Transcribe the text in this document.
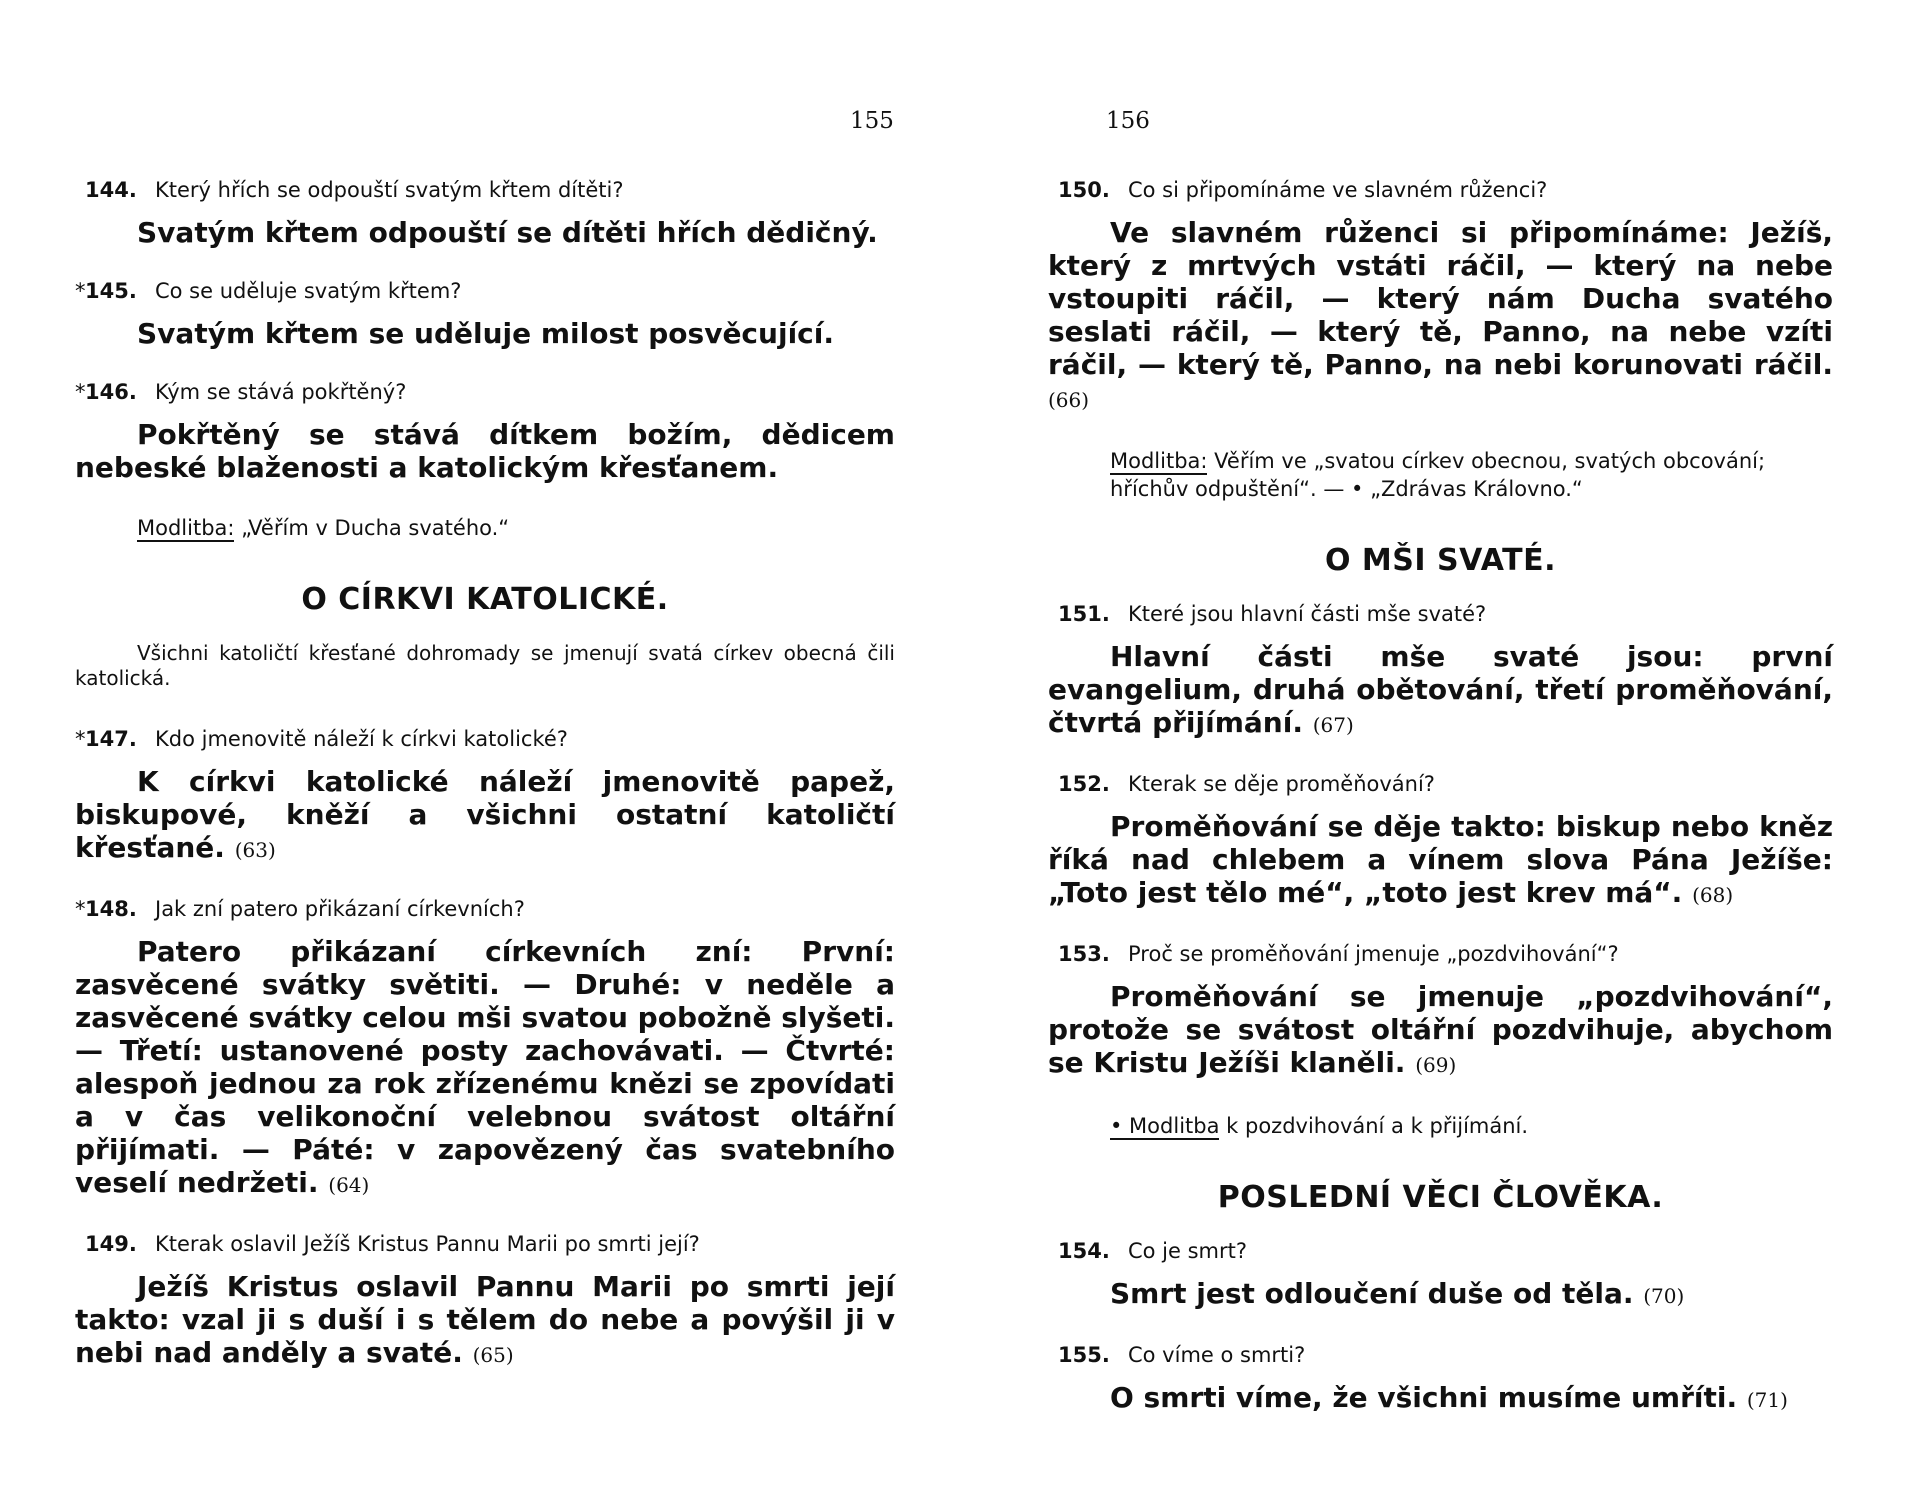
155
144. Který hřích se odpouští svatým křtem dítěti?
Svatým křtem odpouští se dítěti hřích dědičný.
*145. Co se uděluje svatým křtem?
Svatým křtem se uděluje milost posvěcující.
*146. Kým se stává pokřtěný?
Pokřtěný se stává dítkem božím, dědicem nebeské blaženosti a katolickým křesťanem.
Modlitba: „Věřím v Ducha svatého.“
O CÍRKVI KATOLICKÉ.
Všichni katoličtí křesťané dohromady se jmenují svatá církev obecná čili katolická.
*147. Kdo jmenovitě náleží k církvi katolické?
K církvi katolické náleží jmenovitě papež, biskupové, kněží a všichni ostatní katoličtí křesťané. (63)
*148. Jak zní patero přikázaní církevních?
Patero přikázaní církevních zní: První: zasvěcené svátky světiti. — Druhé: v neděle a zasvěcené svátky celou mši svatou pobožně slyšeti. — Třetí: ustanovené posty zachovávati. — Čtvrté: alespoň jednou za rok zřízenému knězi se zpovídati a v čas velikonoční velebnou svátost oltářní přijímati. — Páté: v zapovězený čas svatebního veselí nedržeti. (64)
149. Kterak oslavil Ježíš Kristus Pannu Marii po smrti její?
Ježíš Kristus oslavil Pannu Marii po smrti její takto: vzal ji s duší i s tělem do nebe a povýšil ji v nebi nad anděly a svaté. (65)
156
150. Co si připomínáme ve slavném růženci?
Ve slavném růženci si připomínáme: Ježíš, který z mrtvých vstáti ráčil, — který na nebe vstoupiti ráčil, — který nám Ducha svatého seslati ráčil, — který tě, Panno, na nebe vzíti ráčil, — který tě, Panno, na nebi korunovati ráčil. (66)
Modlitba: Věřím ve „svatou církev obecnou, svatých obcování; hříchův odpuštění“. — • „Zdrávas Královno.“
O MŠI SVATÉ.
151. Které jsou hlavní části mše svaté?
Hlavní části mše svaté jsou: první evangelium, druhá obětování, třetí proměňování, čtvrtá přijímání. (67)
152. Kterak se děje proměňování?
Proměňování se děje takto: biskup nebo kněz říká nad chlebem a vínem slova Pána Ježíše: „Toto jest tělo mé“, „toto jest krev má“. (68)
153. Proč se proměňování jmenuje „pozdvihování“?
Proměňování se jmenuje „pozdvihování“, protože se svátost oltářní pozdvihuje, abychom se Kristu Ježíši klaněli. (69)
• Modlitba k pozdvihování a k přijímání.
POSLEDNÍ VĚCI ČLOVĚKA.
154. Co je smrt?
Smrt jest odloučení duše od těla. (70)
155. Co víme o smrti?
O smrti víme, že všichni musíme umříti. (71)
